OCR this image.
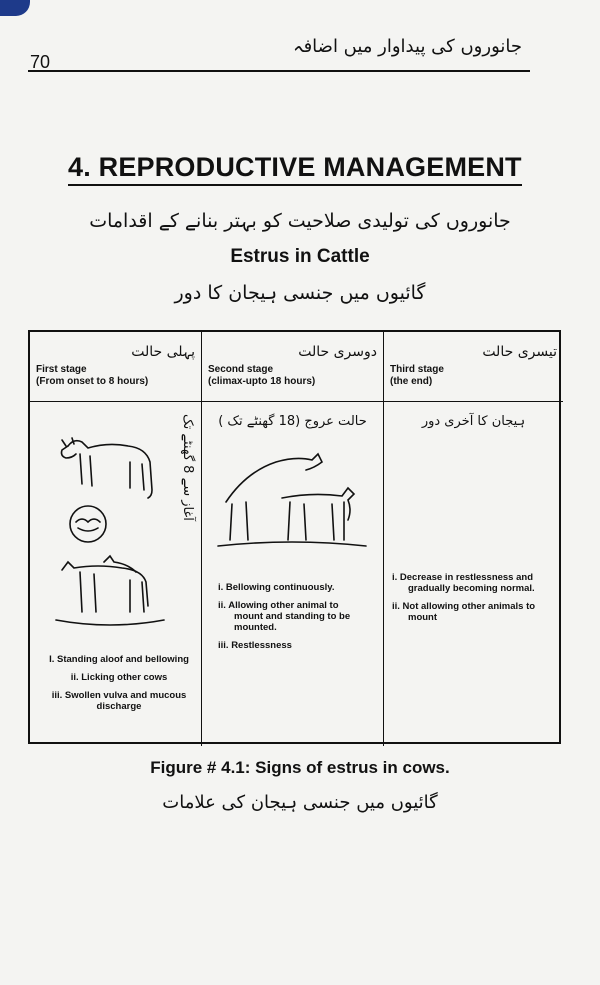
70
جانوروں کی پیداوار میں اضافہ
4. REPRODUCTIVE MANAGEMENT
جانوروں کی تولیدی صلاحیت کو بہتر بنانے کے اقدامات
Estrus in Cattle
گائیوں میں جنسی ہیجان کا دور
پہلی حالت
First stage
(From onset to 8 hours)
دوسری حالت
Second stage
(climax-upto 18 hours)
تیسری حالت
Third stage
(the end)
آغاز سے 8 گھنٹے تک
I. Standing aloof and bellowing
ii. Licking other cows
iii. Swollen vulva and mucous discharge
حالت عروج (18 گھنٹے تک )
i. Bellowing continuously.
ii. Allowing other animal to mount and standing to be mounted.
iii. Restlessness
ہیجان کا آخری دور
i. Decrease in restlessness and gradually becoming normal.
ii. Not allowing other animals to mount
Figure # 4.1: Signs of estrus in cows.
گائیوں میں جنسی ہیجان کی علامات
